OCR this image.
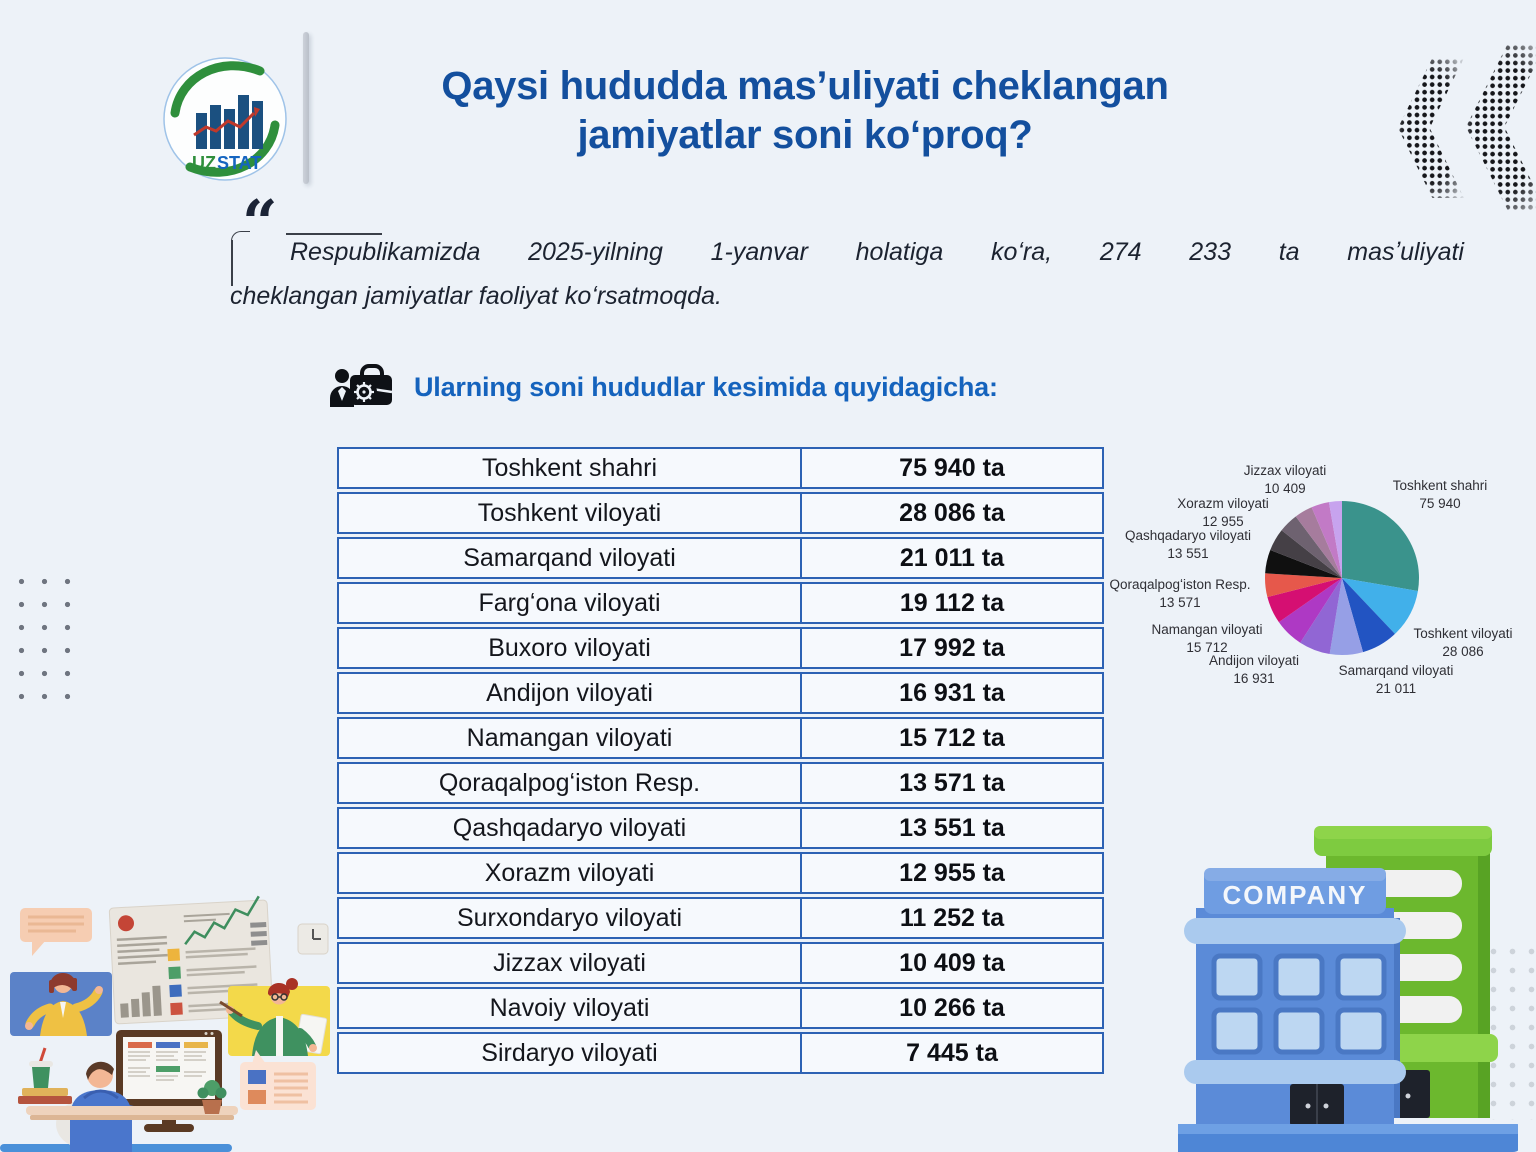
UZ STAT
Qaysi hududda masʼuliyati cheklangan
jamiyatlar soni koʻproq?
“ Respublikamizda 2025-yilning 1-yanvar holatiga koʻra, 274 233 ta masʼuliyati
cheklangan jamiyatlar faoliyat koʻrsatmoqda.
Ularning soni hududlar kesimida quyidagicha:
Toshkent shahri	75 940 ta
Toshkent viloyati	28 086 ta
Samarqand viloyati	21 011 ta
Fargʻona viloyati	19 112 ta
Buxoro viloyati	17 992 ta
Andijon viloyati	16 931 ta
Namangan viloyati	15 712 ta
Qoraqalpogʻiston Resp.	13 571 ta
Qashqadaryo viloyati	13 551 ta
Xorazm viloyati	12 955 ta
Surxondaryo viloyati	11 252 ta
Jizzax viloyati	10 409 ta
Navoiy viloyati	10 266 ta
Sirdaryo viloyati	7 445 ta
Toshkent shahri
75 940
Toshkent viloyati
28 086
Samarqand viloyati
21 011
Andijon viloyati
16 931
Namangan viloyati
15 712
Qoraqalpogʻiston Resp.
13 571
Qashqadaryo viloyati
13 551
Xorazm viloyati
12 955
Jizzax viloyati
10 409
COMPANY
